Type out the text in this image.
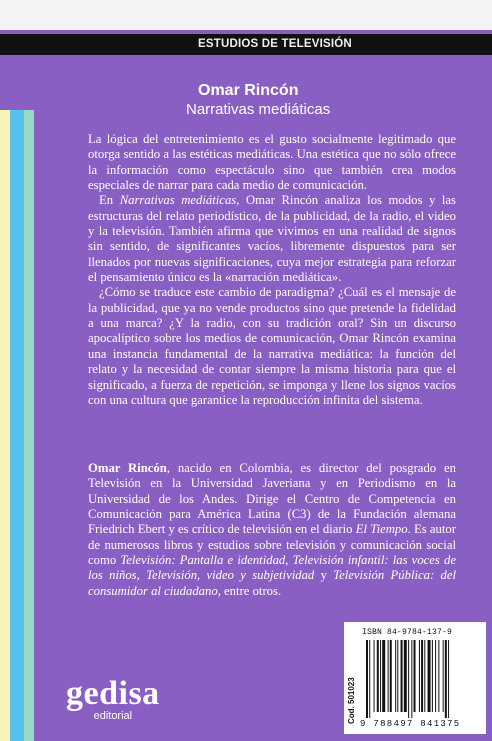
ESTUDIOS DE TELEVISIÓN

Omar Rincón

Narrativas mediáticas

La lógica del entretenimiento es el gusto socialmente legitimado que otorga sentido a las estéticas mediáticas. Una estética que no sólo ofrece la información como espectáculo sino que también crea modos especiales de narrar para cada medio de comunicación.

En Narrativas mediáticas, Omar Rincón analiza los modos y las estructuras del relato periodístico, de la publicidad, de la radio, el video y la televisión. También afirma que vivimos en una realidad de signos sin sentido, de significantes vacíos, libremente dispuestos para ser llenados por nuevas significaciones, cuya mejor estrategia para reforzar el pensamiento único es la «narración mediática».

¿Cómo se traduce este cambio de paradigma? ¿Cuál es el mensaje de la publicidad, que ya no vende productos sino que pretende la fidelidad a una marca? ¿Y la radio, con su tradición oral? Sin un discurso apocalíptico sobre los medios de comunicación, Omar Rincón examina una instancia fundamental de la narrativa mediática: la función del relato y la necesidad de contar siempre la misma historia para que el significado, a fuerza de repetición, se imponga y llene los signos vacíos con una cultura que garantice la reproducción infinita del sistema.

Omar Rincón, nacido en Colombia, es director del posgrado en Televisión en la Universidad Javeriana y en Periodismo en la Universidad de los Andes. Dirige el Centro de Competencia en Comunicación para América Latina (C3) de la Fundación alemana Friedrich Ebert y es crítico de televisión en el diario El Tiempo. Es autor de numerosos libros y estudios sobre televisión y comunicación social como Televisión: Pantalla e identidad, Televisión infantil: las voces de los niños, Televisión, video y subjetividad y Televisión Pública: del consumidor al ciudadano, entre otros.

ISBN 84-9784-137-9
Cod. 501023 9 788497 841375
gedisa
editorial
